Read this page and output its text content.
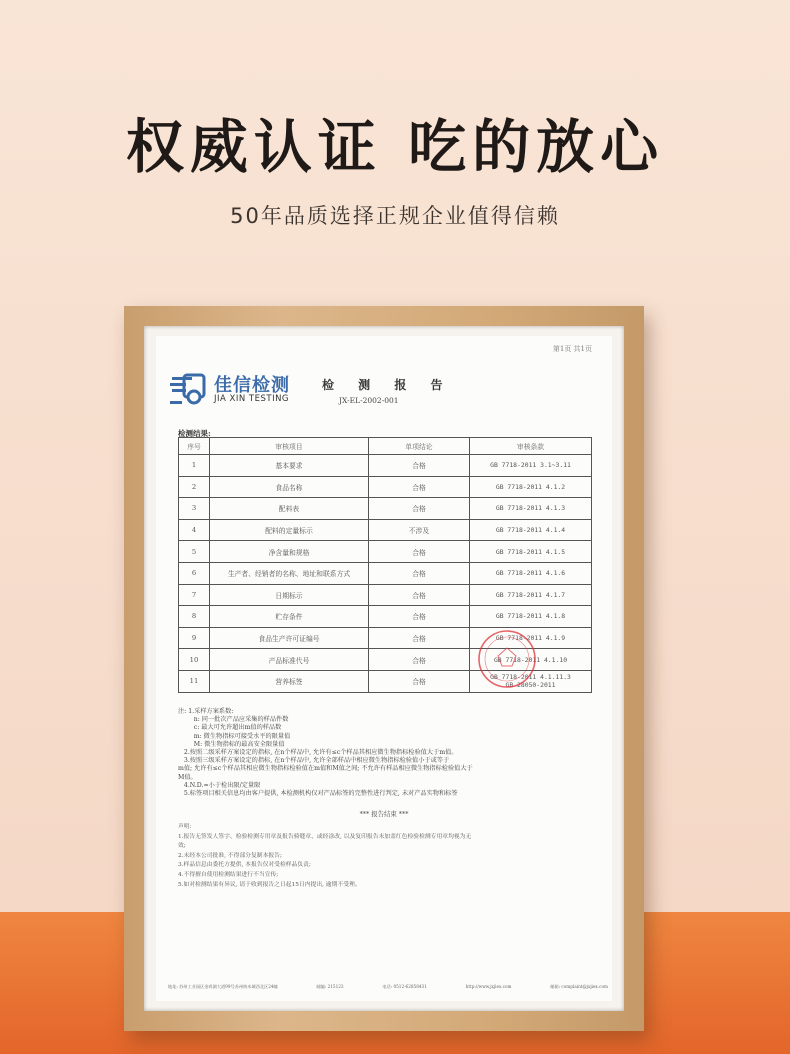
权威认证 吃的放心
50年品质选择正规企业值得信赖
第1页 共1页
佳信检测
JIA XIN TESTING
检 测 报 告
JX-EL-2002-001
检测结果:
序号	审核项目	单项结论	审核条款
1	基本要求	合格	GB 7718-2011 3.1~3.11
2	食品名称	合格	GB 7718-2011 4.1.2
3	配料表	合格	GB 7718-2011 4.1.3
4	配料的定量标示	不涉及	GB 7718-2011 4.1.4
5	净含量和规格	合格	GB 7718-2011 4.1.5
6	生产者、经销者的名称、地址和联系方式	合格	GB 7718-2011 4.1.6
7	日期标示	合格	GB 7718-2011 4.1.7
8	贮存条件	合格	GB 7718-2011 4.1.8
9	食品生产许可证编号	合格	GB 7718-2011 4.1.9
10	产品标准代号	合格	GB 7718-2011 4.1.10
11	营养标签	合格	GB 7718-2011 4.1.11.3
GB 28050-2011
注: 1.采样方案系数:
n: 同一批次产品应采集的样品件数
c: 最大可允许超出m值的样品数
m: 微生物指标可接受水平的限量值
M: 微生物指标的最高安全限量值
2.按照二级采样方案设定的指标, 在n个样品中, 允许有≤c个样品其相应微生物指标检验值大于m值。
3.按照三级采样方案设定的指标, 在n个样品中, 允许全部样品中相应微生物指标检验值小于或等于
m值; 允许有≤c个样品其相应微生物指标检验值在m值和M值之间; 不允许有样品相应微生物指标检验值大于
M值。
4.N.D.=小于检出限/定量限
5.标签项目相关信息均由客户提供, 本检测机构仅对产品标签的完整性进行判定, 未对产品实物和标签
*** 报告结束 ***
声明:
1.报告无签发人签字、检验检测专用章及报告骑缝章、或经涂改, 以及复印报告未加盖红色检验检测专用章均视为无
效;
2.未经本公司批准, 不得部分复制本报告;
3.样品信息由委托方提供, 本报告仅对受检样品负责;
4.不得擅自使用检测结果进行不当宣传;
5.如对检测结果有异议, 请于收到报告之日起15日内提出, 逾期不受理。
地址: 苏州工业园区金鸡湖大道99号苏州纳米城西北区24幢	邮编: 215123	电话: 0512-62858431	http://www.jxjiex.com	邮箱: complaint@jxjiex.com
